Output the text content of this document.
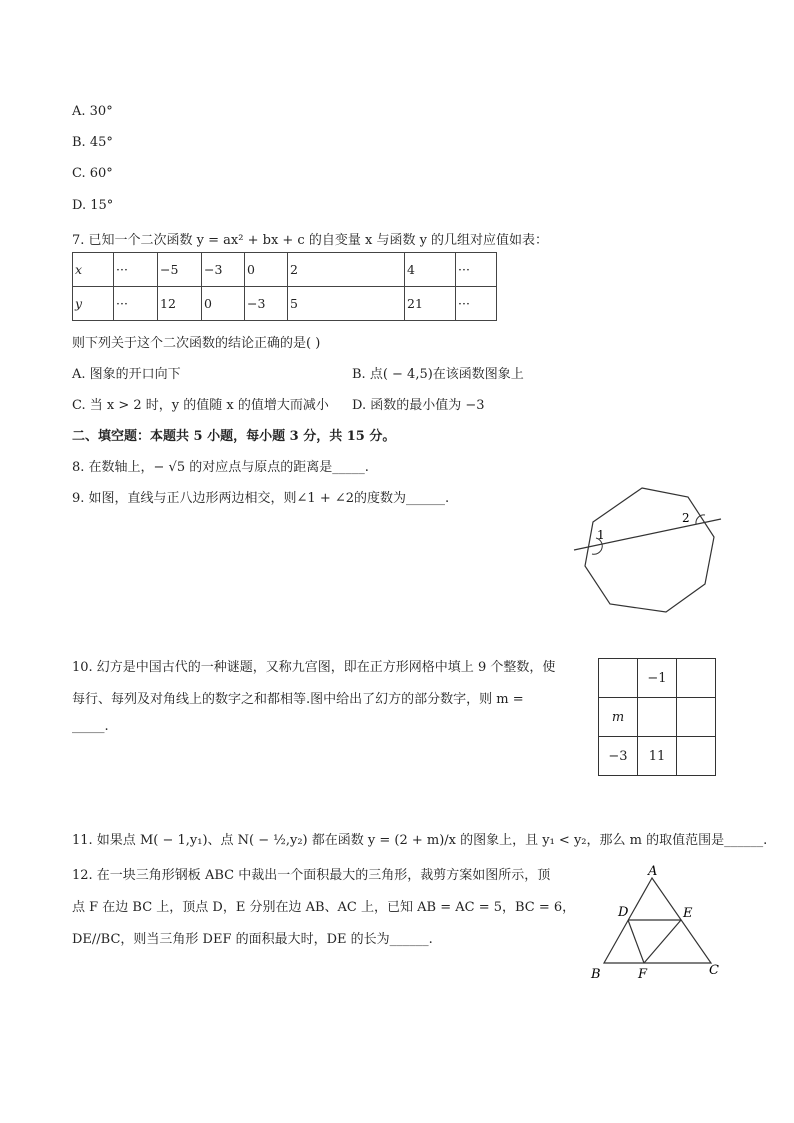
A. 30°
B. 45°
C. 60°
D. 15°
7. 已知一个二次函数 y = ax² + bx + c 的自变量 x 与函数 y 的几组对应值如表：
x	···	−5	−3	0	2	4	···
y	···	12	0	−3	5	21	···
则下列关于这个二次函数的结论正确的是( )
A. 图象的开口向下	B. 点( − 4,5)在该函数图象上
C. 当 x > 2 时，y 的值随 x 的值增大而减小 D. 函数的最小值为 −3
二、填空题：本题共 5 小题，每小题 3 分，共 15 分。
8. 在数轴上，− √5 的对应点与原点的距离是_____.
9. 如图，直线与正八边形两边相交，则∠1 + ∠2的度数为______.
1
2
10. 幻方是中国古代的一种谜题，又称九宫图，即在正方形网格中填上 9 个整数，使
每行、每列及对角线上的数字之和都相等.图中给出了幻方的部分数字，则 m =
_____.
	−1	
m		
−3	11	
11. 如果点 M( − 1,y₁)、点 N( − ½,y₂) 都在函数 y = (2 + m)/x 的图象上，且 y₁ < y₂，那么 m 的取值范围是______.
12. 在一块三角形钢板 ABC 中裁出一个面积最大的三角形，裁剪方案如图所示，顶
点 F 在边 BC 上，顶点 D，E 分别在边 AB、AC 上，已知 AB = AC = 5，BC = 6，
DE//BC，则当三角形 DEF 的面积最大时，DE 的长为______.
A
B	C
D	E
F
